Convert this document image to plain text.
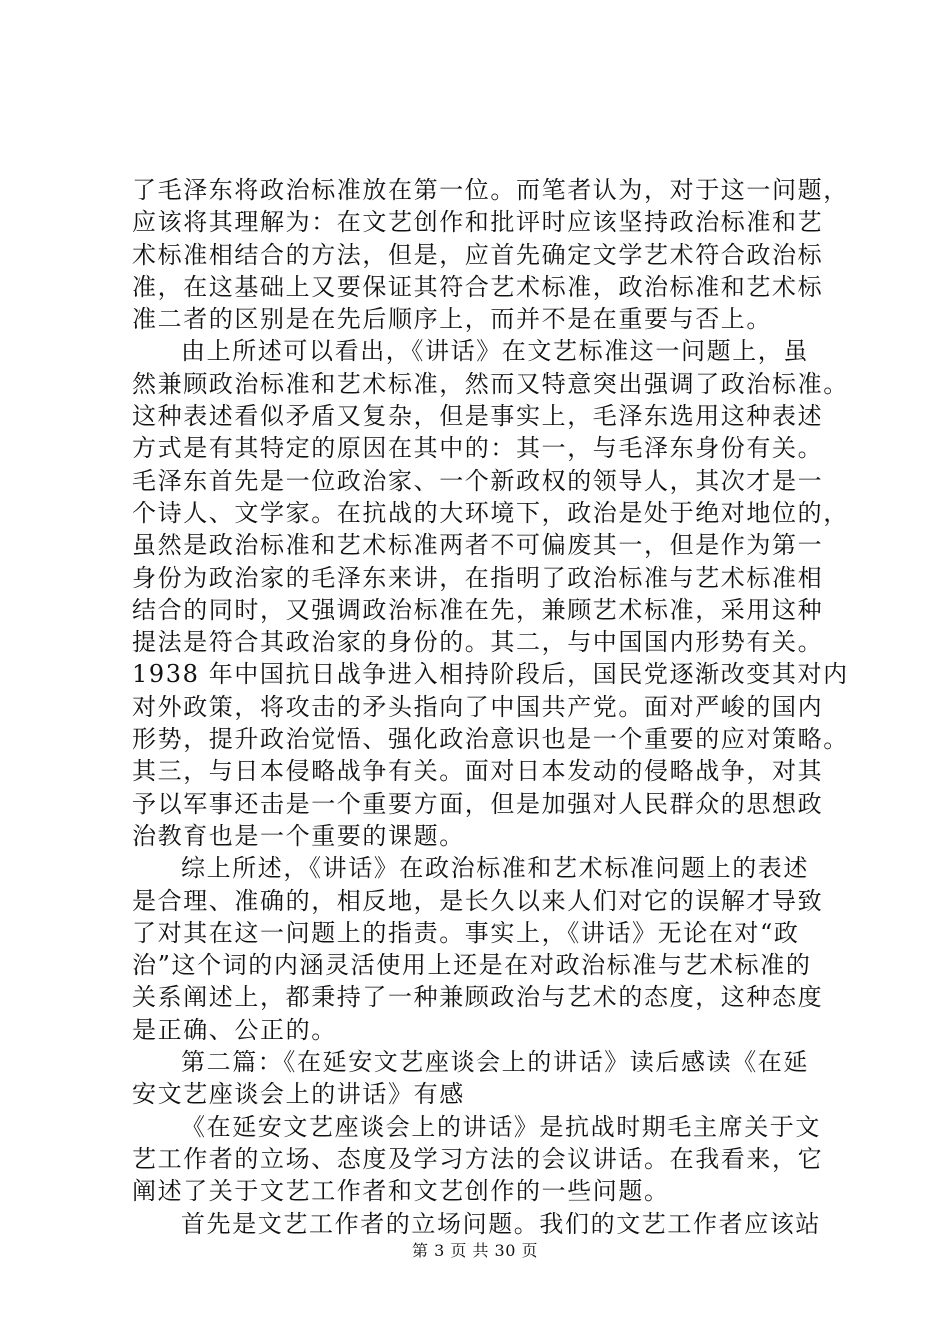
了毛泽东将政治标准放在第一位。而笔者认为，对于这一问题，
应该将其理解为：在文艺创作和批评时应该坚持政治标准和艺
术标准相结合的方法，但是，应首先确定文学艺术符合政治标
准，在这基础上又要保证其符合艺术标准，政治标准和艺术标
准二者的区别是在先后顺序上，而并不是在重要与否上。
由上所述可以看出，《讲话》在文艺标准这一问题上，虽
然兼顾政治标准和艺术标准，然而又特意突出强调了政治标准。
这种表述看似矛盾又复杂，但是事实上，毛泽东选用这种表述
方式是有其特定的原因在其中的：其一，与毛泽东身份有关。
毛泽东首先是一位政治家、一个新政权的领导人，其次才是一
个诗人、文学家。在抗战的大环境下，政治是处于绝对地位的，
虽然是政治标准和艺术标准两者不可偏废其一，但是作为第一
身份为政治家的毛泽东来讲，在指明了政治标准与艺术标准相
结合的同时，又强调政治标准在先，兼顾艺术标准，采用这种
提法是符合其政治家的身份的。其二，与中国国内形势有关。
1938 年中国抗日战争进入相持阶段后，国民党逐渐改变其对内
对外政策，将攻击的矛头指向了中国共产党。面对严峻的国内
形势，提升政治觉悟、强化政治意识也是一个重要的应对策略。
其三，与日本侵略战争有关。面对日本发动的侵略战争，对其
予以军事还击是一个重要方面，但是加强对人民群众的思想政
治教育也是一个重要的课题。
综上所述，《讲话》在政治标准和艺术标准问题上的表述
是合理、准确的，相反地，是长久以来人们对它的误解才导致
了对其在这一问题上的指责。事实上，《讲话》无论在对“政
治”这个词的内涵灵活使用上还是在对政治标准与艺术标准的
关系阐述上，都秉持了一种兼顾政治与艺术的态度，这种态度
是正确、公正的。
第二篇：《在延安文艺座谈会上的讲话》读后感读《在延
安文艺座谈会上的讲话》有感
《在延安文艺座谈会上的讲话》是抗战时期毛主席关于文
艺工作者的立场、态度及学习方法的会议讲话。在我看来，它
阐述了关于文艺工作者和文艺创作的一些问题。
首先是文艺工作者的立场问题。我们的文艺工作者应该站
第 3 页 共 30 页
